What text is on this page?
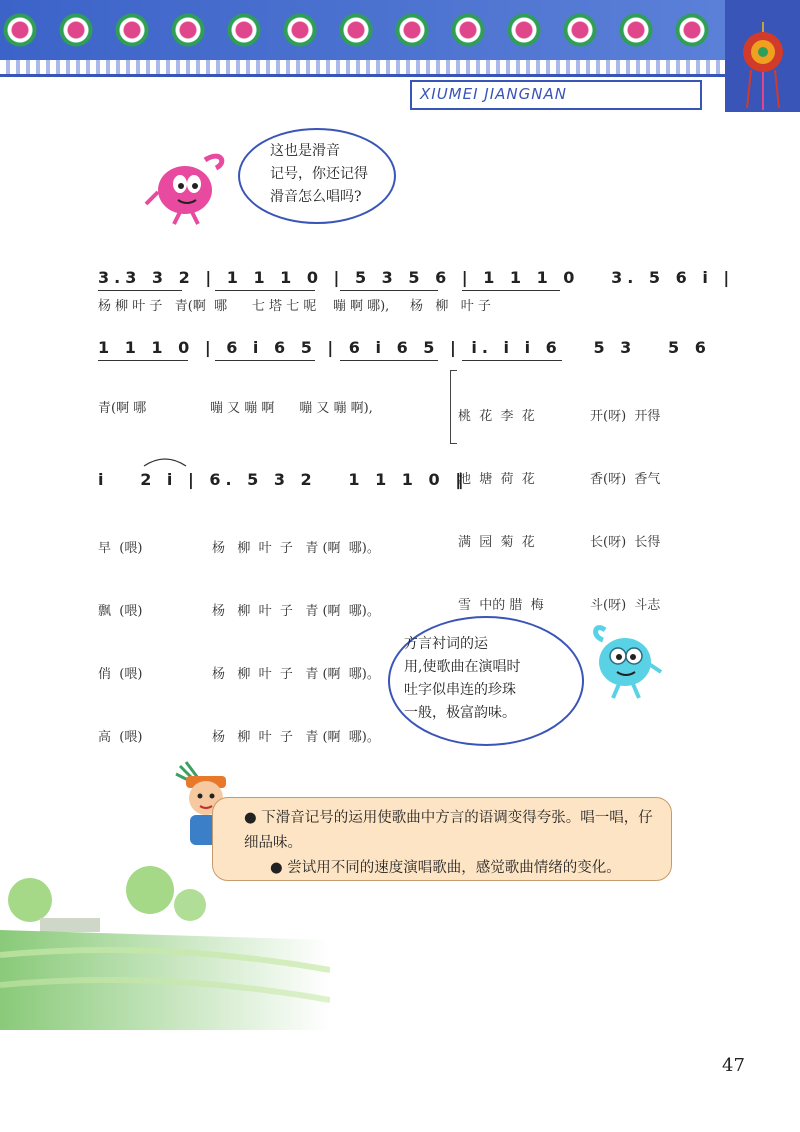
XIUMEI JIANGNAN
这也是滑音
记号，你还记得
滑音怎么唱吗?
3.3 3 2 | 1 1 1 0 | 5 3 5 6 | 1 1 1 0   3. 5 6 i |
杨 柳 叶 子   青(啊  哪      七 塔 七 呢    嘣 啊 哪),     杨   柳   叶 子
1 1 1 0 | 6 i 6 5 | 6 i 6 5 | i. i i 6   5 3   5 6
青(啊 哪	嘣 又 嘣 啊      嘣 又 嘣 啊),

桃  花  李  花

池  塘  荷  花

满  园  菊  花

雪  中的 腊  梅

开(呀)  开得

香(呀)  香气

长(呀)  长得

斗(呀)  斗志

i   2 i | 6. 5 3 2   1 1 1 0 ‖

早  (喂)

飘  (喂)

俏  (喂)

高  (喂)

杨   柳  叶  子   青 (啊  哪)。

杨   柳  叶  子   青 (啊  哪)。

杨   柳  叶  子   青 (啊  哪)。

杨   柳  叶  子   青 (啊  哪)。

方言衬词的运
用,使歌曲在演唱时
吐字似串连的珍珠
一般，极富韵味。
● 下滑音记号的运用使歌曲中方言的语调变得夸张。唱一唱，仔细品味。
● 尝试用不同的速度演唱歌曲，感觉歌曲情绪的变化。
47
